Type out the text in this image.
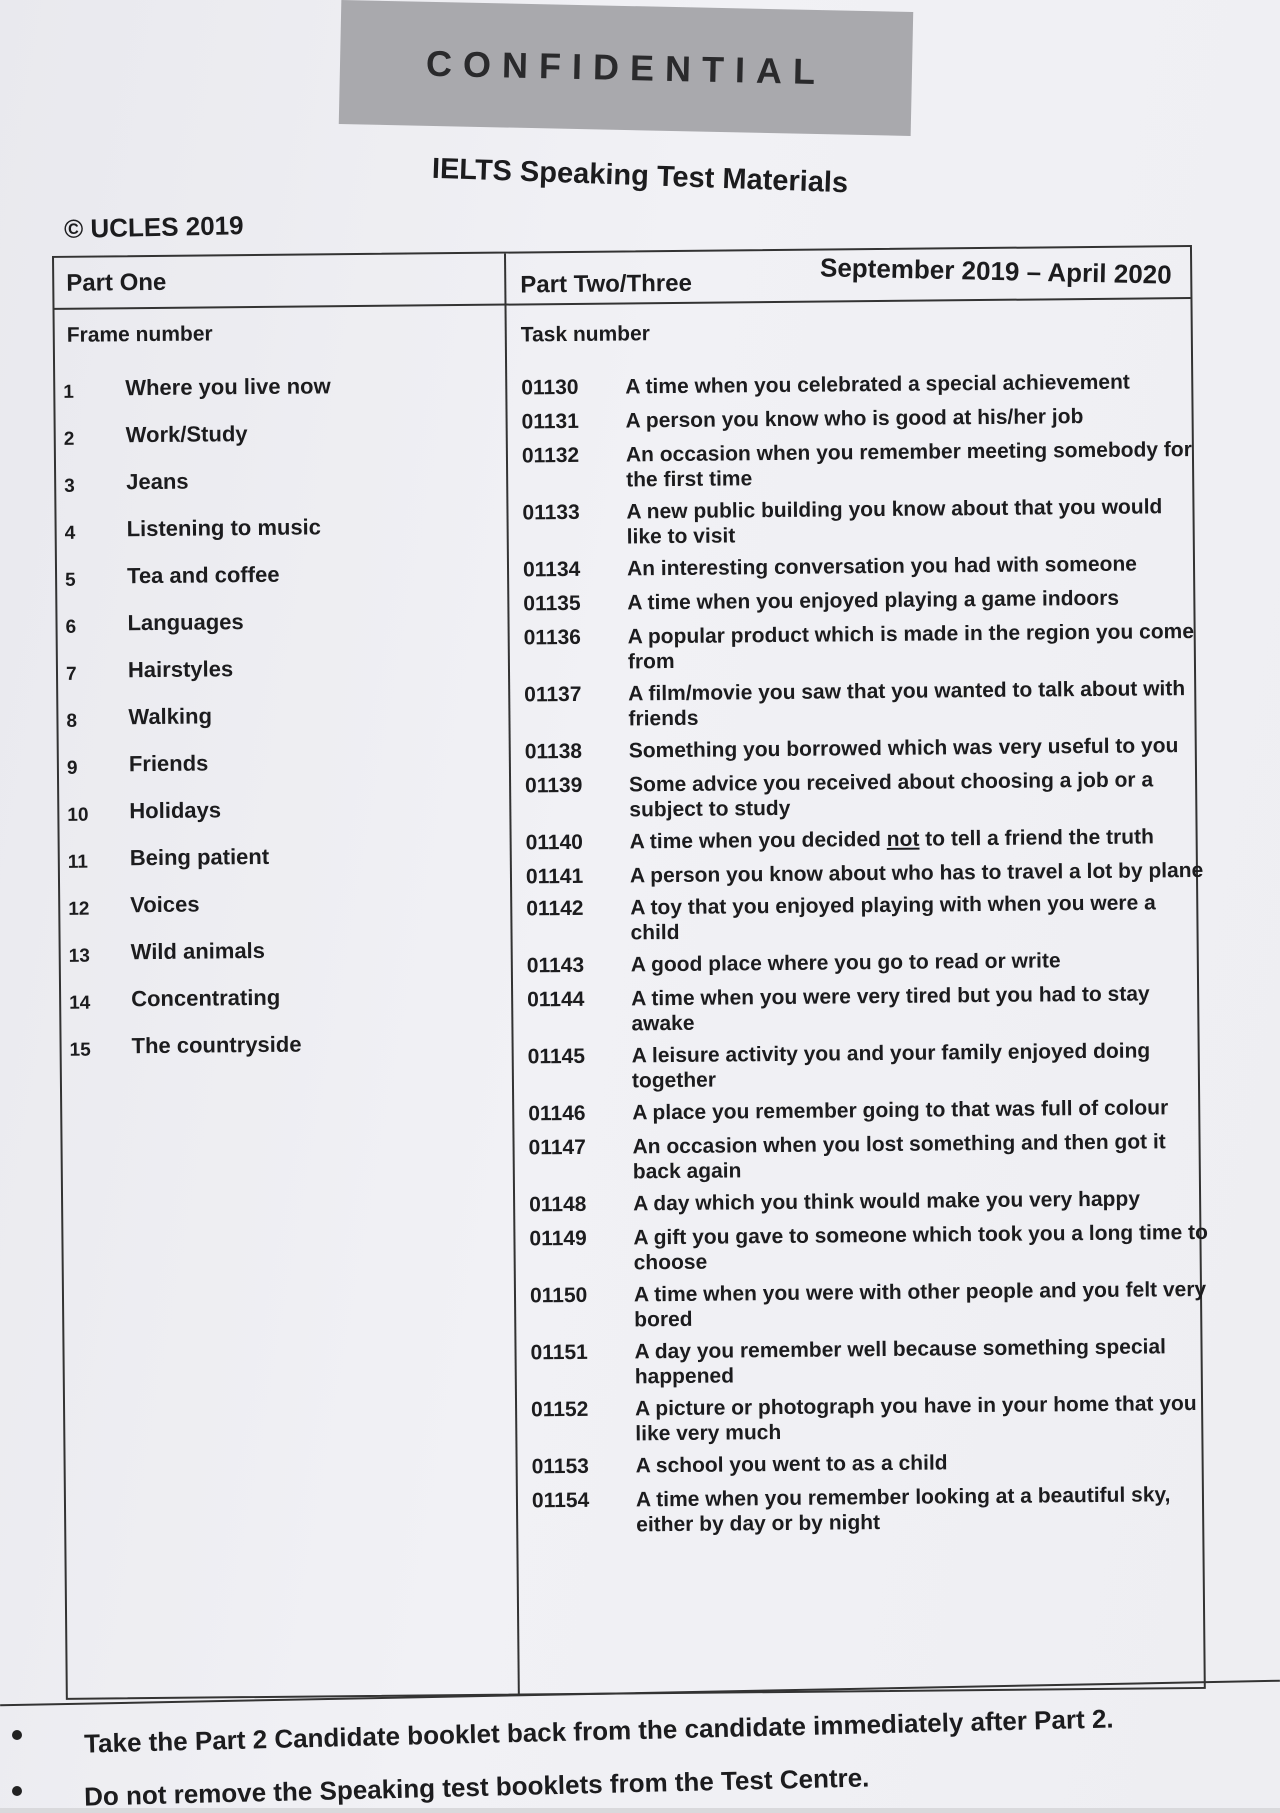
CONFIDENTIAL
IELTS Speaking Test Materials
© UCLES 2019
September 2019 – April 2020
Part One	Part Two/Three
Frame number	Task number
1	Where you live now
2	Work/Study
3	Jeans
4	Listening to music
5	Tea and coffee
6	Languages
7	Hairstyles
8	Walking
9	Friends
10	Holidays
11	Being patient
12	Voices
13	Wild animals
14	Concentrating
15	The countryside
01130	A time when you celebrated a special achievement
01131	A person you know who is good at his/her job
01132	An occasion when you remember meeting somebody for the first time
01133	A new public building you know about that you would like to visit
01134	An interesting conversation you had with someone
01135	A time when you enjoyed playing a game indoors
01136	A popular product which is made in the region you come from
01137	A film/movie you saw that you wanted to talk about with friends
01138	Something you borrowed which was very useful to you
01139	Some advice you received about choosing a job or a subject to study
01140	A time when you decided not to tell a friend the truth
01141	A person you know about who has to travel a lot by plane
01142	A toy that you enjoyed playing with when you were a child
01143	A good place where you go to read or write
01144	A time when you were very tired but you had to stay awake
01145	A leisure activity you and your family enjoyed doing together
01146	A place you remember going to that was full of colour
01147	An occasion when you lost something and then got it back again
01148	A day which you think would make you very happy
01149	A gift you gave to someone which took you a long time to choose
01150	A time when you were with other people and you felt very bored
01151	A day you remember well because something special happened
01152	A picture or photograph you have in your home that you like very much
01153	A school you went to as a child
01154	A time when you remember looking at a beautiful sky, either by day or by night
Take the Part 2 Candidate booklet back from the candidate immediately after Part 2.
Do not remove the Speaking test booklets from the Test Centre.
